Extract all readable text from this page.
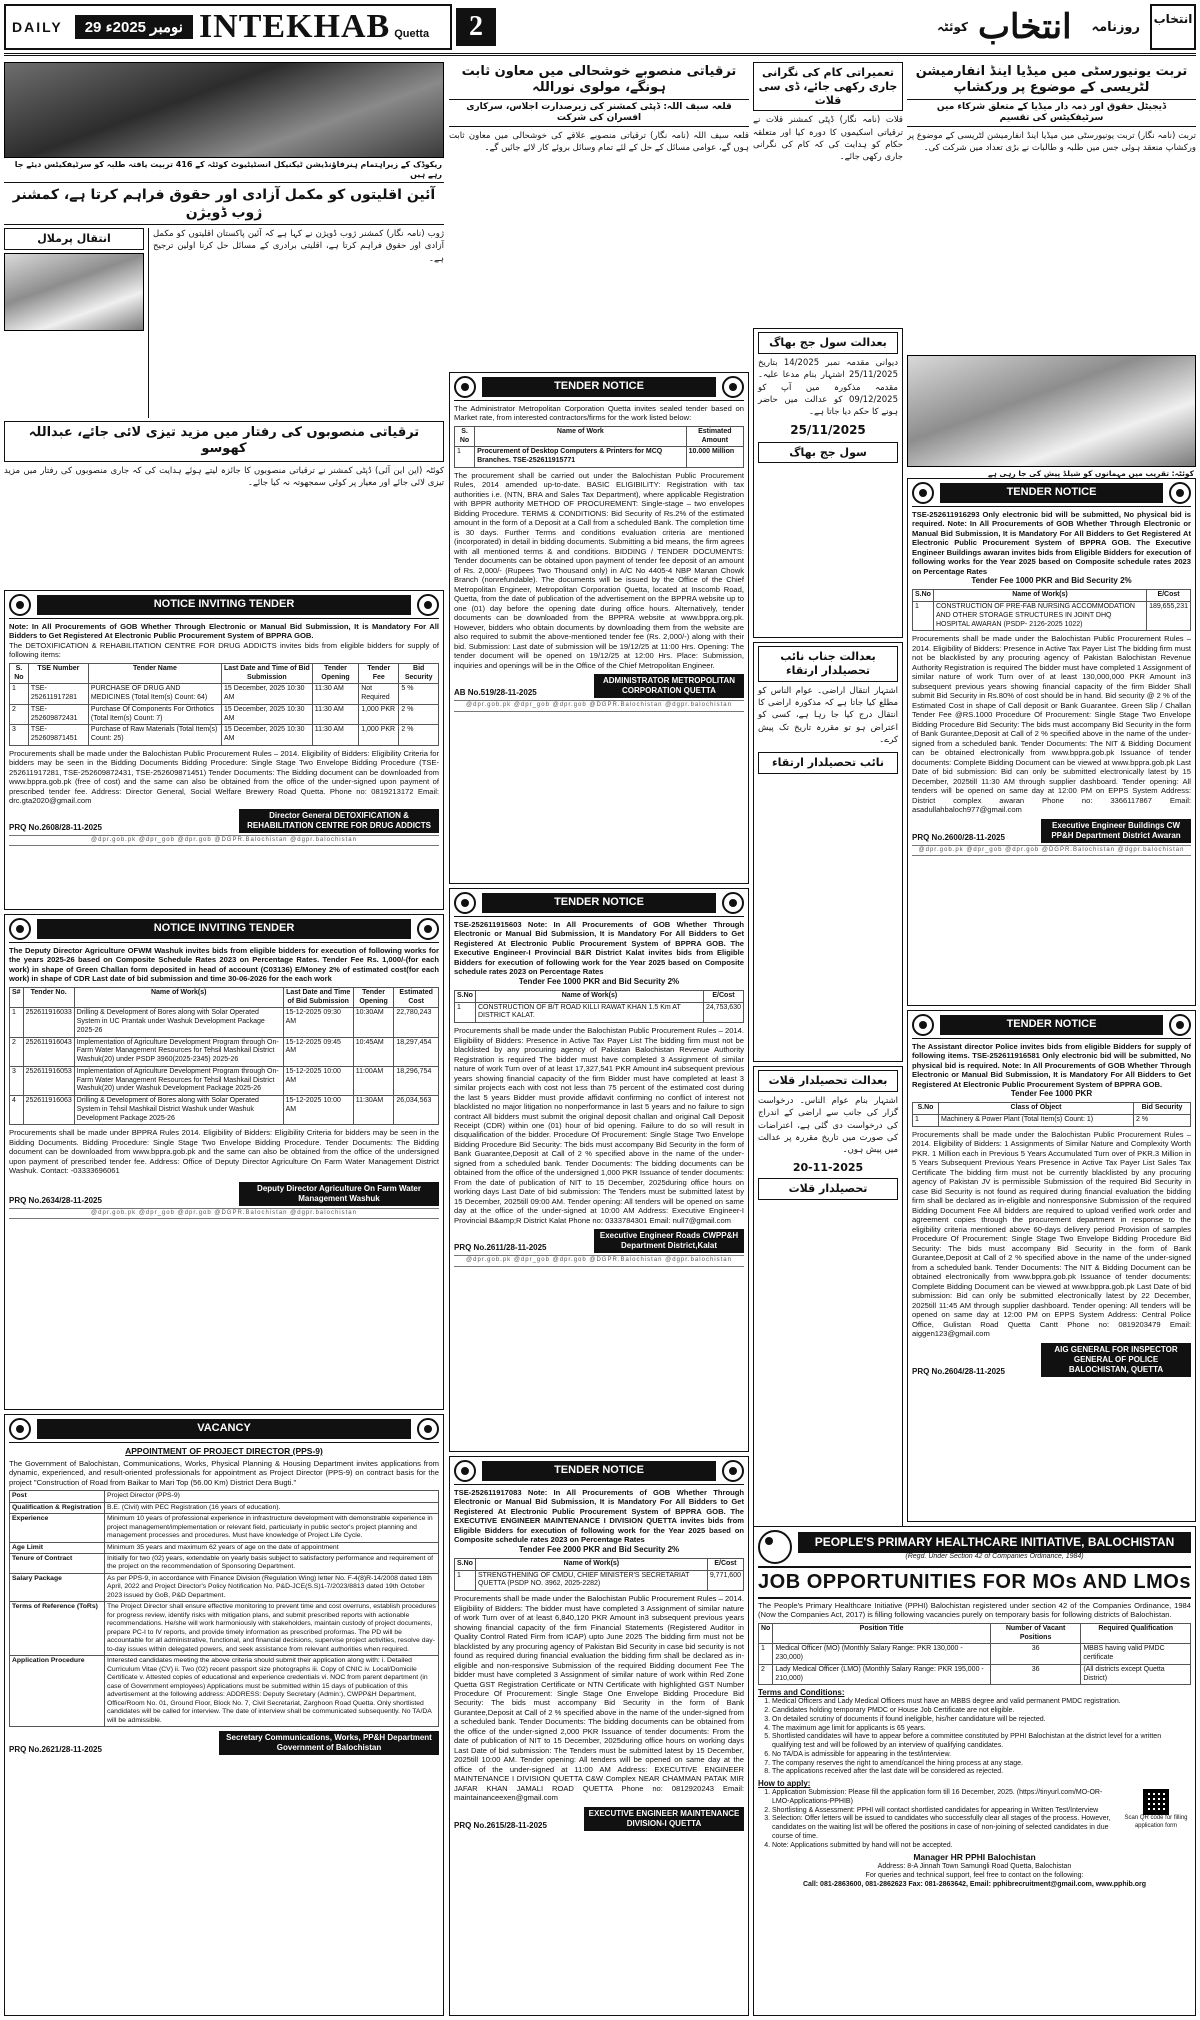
DAILY	29 نومبر 2025ء INTEKHAB Quetta	2	کوئٹہ انتخاب روزنامہ
انتخاب
ریکوڈک کے زیراہتمام ہنرفاؤنڈیشن ٹیکنیکل انسٹیٹیوٹ کوئٹہ کے 416 تربیت یافتہ طلبہ کو سرٹیفکیٹس دیئے جا رہے ہیں
آئین اقلیتوں کو مکمل آزادی اور حقوق فراہم کرتا ہے، کمشنر ژوب ڈویژن
انتقال پرملال	ژوب (نامہ نگار) کمشنر ژوب ڈویژن نے کہا ہے کہ آئین پاکستان اقلیتوں کو مکمل آزادی اور حقوق فراہم کرتا ہے، اقلیتی برادری کے مسائل حل کرنا اولین ترجیح ہے۔
ترقیاتی منصوبوں کی رفتار میں مزید تیزی لائی جائے، عبداللہ کھوسو
کوئٹہ (این این آئی) ڈپٹی کمشنر نے ترقیاتی منصوبوں کا جائزہ لیتے ہوئے ہدایت کی کہ جاری منصوبوں کی رفتار میں مزید تیزی لائی جائے اور معیار پر کوئی سمجھوتہ نہ کیا جائے۔
ترقیاتی منصوبے خوشحالی میں معاون ثابت ہونگے، مولوی نوراللہ
قلعہ سیف اللہ: ڈپٹی کمشنر کی زیرصدارت اجلاس، سرکاری افسران کی شرکت
قلعہ سیف اللہ (نامہ نگار) ترقیاتی منصوبے علاقے کی خوشحالی میں معاون ثابت ہوں گے، عوامی مسائل کے حل کے لئے تمام وسائل بروئے کار لائے جائیں گے۔
تعمیراتی کام کی نگرانی جاری رکھی جائے، ڈی سی قلات
قلات (نامہ نگار) ڈپٹی کمشنر قلات نے ترقیاتی اسکیموں کا دورہ کیا اور متعلقہ حکام کو ہدایت کی کہ کام کی نگرانی جاری رکھی جائے۔
بعدالت سول جج بھاگ
دیوانی مقدمہ نمبر 14/2025 بتاریخ 25/11/2025 اشتہار بنام مدعا علیہ۔ مقدمہ مذکورہ میں آپ کو 09/12/2025 کو عدالت میں حاضر ہونے کا حکم دیا جاتا ہے۔
25/11/2025
سول جج بھاگ
بعدالت جناب نائب تحصیلدار ارتقاء
اشتہار انتقال اراضی۔ عوام الناس کو مطلع کیا جاتا ہے کہ مذکورہ اراضی کا انتقال درج کیا جا رہا ہے، کسی کو اعتراض ہو تو مقررہ تاریخ تک پیش کرے۔
نائب تحصیلدار ارتقاء
بعدالت تحصیلدار قلات
اشتہار بنام عوام الناس۔ درخواست گزار کی جانب سے اراضی کے اندراج کی درخواست دی گئی ہے، اعتراضات کی صورت میں تاریخ مقررہ پر عدالت میں پیش ہوں۔
20-11-2025
تحصیلدار قلات
تربت یونیورسٹی میں میڈیا اینڈ انفارمیشن لٹریسی کے موضوع پر ورکشاپ
ڈیجیٹل حقوق اور ذمہ دار میڈیا کے متعلق شرکاء میں سرٹیفکیٹس کی تقسیم
تربت (نامہ نگار) تربت یونیورسٹی میں میڈیا اینڈ انفارمیشن لٹریسی کے موضوع پر ورکشاپ منعقد ہوئی جس میں طلبہ و طالبات نے بڑی تعداد میں شرکت کی۔
کوئٹہ: تقریب میں مہمانوں کو شیلڈ پیش کی جا رہی ہے
NOTICE INVITING TENDER
Note: In All Procurements of GOB Whether Through Electronic or Manual Bid Submission, It is Mandatory For All Bidders to Get Registered At Electronic Public Procurement System of BPPRA GOB.
The DETOXIFICATION & REHABILITATION CENTRE FOR DRUG ADDICTS invites bids from eligible bidders for supply of following items:
S. No	TSE Number	Tender Name	Last Date and Time of Bid Submission	Tender Opening	Tender Fee	Bid Security
1	TSE-252611917281	PURCHASE OF DRUG AND MEDICINES (Total Item(s) Count: 64)	15 December, 2025 10:30 AM	11:30 AM	Not Required	5 %
2	TSE-252609872431	Purchase Of Components For Orthotics (Total Item(s) Count: 7)	15 December, 2025 10:30 AM	11:30 AM	1,000 PKR	2 %
3	TSE-252609871451	Purchase of Raw Materials (Total Item(s) Count: 25)	15 December, 2025 10:30 AM	11:30 AM	1,000 PKR	2 %
Procurements shall be made under the Balochistan Public Procurement Rules – 2014. Eligibility of Bidders: Eligibility Criteria for bidders may be seen in the Bidding Documents Bidding Procedure: Single Stage Two Envelope Bidding Procedure (TSE-252611917281, TSE-252609872431, TSE-252609871451) Tender Documents: The Bidding document can be downloaded from www.bppra.gob.pk (free of cost) and the same can also be obtained from the office of the under-signed upon payment of prescribed tender fee. Address: Director General, Social Welfare Brewery Road Quetta. Phone no: 0819213172 Email: drc.gta2020@gmail.com
PRQ No.2608/28-11-2025
Director General DETOXIFICATION & REHABILITATION CENTRE FOR DRUG ADDICTS
@dpr.gob.pk @dpr_gob @dpr.gob @DGPR.Balochistan @dgpr.balochistan
NOTICE INVITING TENDER
The Deputy Director Agriculture OFWM Washuk invites bids from eligible bidders for execution of following works for the years 2025-26 based on Composite Schedule Rates 2023 on Percentage Rates. Tender Fee Rs. 1,000/-(for each work) in shape of Green Challan form deposited in head of account (C03136) E/Money 2% of estimated cost(for each work) in shape of CDR Last date of bid submission and time 30-06-2026 for the each work
S#	Tender No.	Name of Work(s)	Last Date and Time of Bid Submission	Tender Opening	Estimated Cost
1	252611916033	Drilling & Development of Bores along with Solar Operated System in UC Prantak under Washuk Development Package 2025-26	15-12-2025 09:30 AM	10:30AM	22,780,243
2	252611916043	Implementation of Agriculture Development Program through On-Farm Water Management Resources for Tehsil Mashkail District Washuk(20) under PSDP 3960(2025-2345) 2025-26	15-12-2025 09:45 AM	10:45AM	18,297,454
3	252611916053	Implementation of Agriculture Development Program through On-Farm Water Management Resources for Tehsil Mashkail District Washuk(20) under Washuk Development Package 2025-26	15-12-2025 10:00 AM	11:00AM	18,296,754
4	252611916063	Drilling & Development of Bores along with Solar Operated System in Tehsil Mashkail District Washuk under Washuk Development Package 2025-26	15-12-2025 10:00 AM	11:30AM	26,034,563
Procurements shall be made under BPPRA Rules 2014. Eligibility of Bidders: Eligibility Criteria for bidders may be seen in the Bidding Documents. Bidding Procedure: Single Stage Two Envelope Bidding Procedure. Tender Documents: The Bidding document can be downloaded from www.bppra.gob.pk and the same can also be obtained from the office of the undersigned upon payment of prescribed tender fee. Address: Office of Deputy Director Agriculture On Farm Water Management District Washuk. Contact: -03333696061
PRQ No.2634/28-11-2025
Deputy Director Agriculture On Farm Water Management Washuk
@dpr.gob.pk @dpr_gob @dpr.gob @DGPR.Balochistan @dgpr.balochistan
VACANCY
APPOINTMENT OF PROJECT DIRECTOR (PPS-9)
The Government of Balochistan, Communications, Works, Physical Planning & Housing Department invites applications from dynamic, experienced, and result-oriented professionals for appointment as Project Director (PPS-9) on contract basis for the project "Construction of Road from Baikar to Mari Top (56.00 Km) District Dera Bugti."
Post	Project Director (PPS-9)
Qualification & Registration	B.E. (Civil) with PEC Registration (16 years of education).
Experience	Minimum 10 years of professional experience in infrastructure development with demonstrable experience in project management/implementation or relevant field, particularly in public sector's project planning and management processes and procedures. Must have knowledge of Project Life Cycle.
Age Limit	Minimum 35 years and maximum 62 years of age on the date of appointment
Tenure of Contract	Initially for two (02) years, extendable on yearly basis subject to satisfactory performance and requirement of the project on the recommendation of Sponsoring Department.
Salary Package	As per PPS-9, in accordance with Finance Division (Regulation Wing) letter No. F-4(8)R-14/2008 dated 18th April, 2022 and Project Director's Policy Notification No. P&D-JCE(S.S)1-7/2023/8813 dated 19th October 2023 issued by GoB, P&D Department.
Terms of Reference (ToRs)	The Project Director shall ensure effective monitoring to prevent time and cost overruns, establish procedures for progress review, identify risks with mitigation plans, and submit prescribed reports with actionable recommendations. He/she will work harmoniously with stakeholders, maintain custody of project documents, prepare PC-I to IV reports, and provide timely information as prescribed proformas. The PD will be accountable for all administrative, functional, and financial decisions, supervise project activities, resolve day-to-day issues within delegated powers, and seek assistance from relevant authorities when required.
Application Procedure	Interested candidates meeting the above criteria should submit their application along with: i. Detailed Curriculum Vitae (CV) ii. Two (02) recent passport size photographs iii. Copy of CNIC iv. Local/Domicile Certificate v. Attested copies of educational and experience credentials vi. NOC from parent department (in case of Government employees) Applications must be submitted within 15 days of publication of this advertisement at the following address: ADDRESS: Deputy Secretary (Admin:), CWPP&H Department, Office/Room No. 01, Ground Floor, Block No. 7, Civil Secretariat, Zarghoon Road Quetta. Only shortlisted candidates will be called for interview. The date of interview shall be communicated subsequently. No TA/DA will be admissible.
PRQ No.2621/28-11-2025
Secretary Communications, Works, PP&H Department Government of Balochistan
TENDER NOTICE
The Administrator Metropolitan Corporation Quetta invites sealed tender based on Market rate, from interested contractors/firms for the work listed below:
S. No	Name of Work	Estimated Amount
1	Procurement of Desktop Computers & Printers for MCQ Branches. TSE-252611915771	10.000 Million
The procurement shall be carried out under the Balochistan Public Procurement Rules, 2014 amended up-to-date. BASIC ELIGIBILITY: Registration with tax authorities i.e. (NTN, BRA and Sales Tax Department), where applicable Registration with BPPR authority METHOD OF PROCUREMENT: Single-stage – two envelopes Bidding Procedure. TERMS & CONDITIONS: Bid Security of Rs.2% of the estimated amount in the form of a Deposit at a Call from a scheduled Bank. The completion time is 30 days. Further Terms and conditions evaluation criteria are mentioned (incorporated) in detail in bidding documents. Submitting a bid means, the firm agrees with all mentioned terms & and conditions. BIDDING / TENDER DOCUMENTS: Tender documents can be obtained upon payment of tender fee deposit of an amount of Rs. 2,000/- (Rupees Two Thousand only) in A/C No 4405-4 NBP Manan Chowk Branch (nonrefundable). The documents will be issued by the Office of the Chief Metropolitan Engineer, Metropolitan Corporation Quetta, located at Inscomb Road, Quetta, from the date of publication of the advertisement on the BPPRA website up to one (01) day before the opening date during office hours. Alternatively, tender documents can be downloaded from the BPPRA website at www.bppra.org.pk. However, bidders who obtain documents by downloading them from the website are also required to submit the above-mentioned tender fee (Rs. 2,000/-) along with their bid. Submission: Last date of submission will be 19/12/25 at 11:00 Hrs. Opening: The tender document will be opened on 19/12/25 at 12:00 Hrs. Place: Submission, inquiries and openings will be in the Office of the Chief Metropolitan Engineer.
AB No.519/28-11-2025
ADMINISTRATOR METROPOLITAN CORPORATION QUETTA
@dpr.gob.pk @dpr_gob @dpr.gob @DGPR.Balochistan @dgpr.balochistan
TENDER NOTICE
TSE-252611915603 Note: In All Procurements of GOB Whether Through Electronic or Manual Bid Submission, It is Mandatory For All Bidders to Get Registered At Electronic Public Procurement System of BPPRA GOB. The Executive Engineer-I Provincial B&R District Kalat invites bids from Eligible Bidders for execution of following work for the Year 2025 based on Composite schedule rates 2023 on Percentage Rates
Tender Fee 1000 PKR and Bid Security 2%
S.No	Name of Work(s)	E/Cost
1	CONSTRUCTION OF B/T ROAD KILLI RAWAT KHAN 1.5 Km AT DISTRICT KALAT.	24,753,630
Procurements shall be made under the Balochistan Public Procurement Rules – 2014. Eligibility of Bidders: Presence in Active Tax Payer List The bidding firm must not be blacklisted by any procuring agency of Pakistan Balochistan Revenue Authority Registration is required The bidder must have completed 3 Assignment of similar nature of work Turn over of at least 17,327,541 PKR Amount in4 subsequent previous years showing financial capacity of the firm Bidder must have completed at least 3 similar projects each with cost not less than 75 percent of the estimated cost during the last 5 years Bidder must provide affidavit confirming no conflict of interest not blacklisted no major litigation no nonperformance in last 5 years and no failure to sign contract All bidders must submit the original deposit challan and original Call Deposit Receipt (CDR) within one (01) hour of bid opening. Failure to do so will result in disqualification of the bidder. Procedure Of Procurement: Single Stage Two Envelope Bidding Procedure Bid Security: The bids must accompany Bid Security in the form of Bank Guarantee,Deposit at Call of 2 % specified above in the name of the under-signed from a scheduled bank. Tender Documents: The bidding documents can be obtained from the office of the undersigned 1,000 PKR Issuance of tender documents: From the date of publication of NIT to 15 December, 2025during office hours on working days Last Date of bid submission: The Tenders must be submitted latest by 15 December, 2025till 09:00 AM. Tender opening: All tenders will be opened on same day at the office of the under-signed at 10:00 AM Address: Executive Engineer-I Provincial B&amp;R District Kalat Phone no: 0333784301 Email: null7@gmail.com
PRQ No.2611/28-11-2025
Executive Engineer Roads CWPP&H Department District,Kalat
@dpr.gob.pk @dpr_gob @dpr.gob @DGPR.Balochistan @dgpr.balochistan
TENDER NOTICE
TSE-252611917083 Note: In All Procurements of GOB Whether Through Electronic or Manual Bid Submission, It is Mandatory For All Bidders to Get Registered At Electronic Public Procurement System of BPPRA GOB. The EXECUTIVE ENGINEER MAINTENANCE I DIVISION QUETTA invites bids from Eligible Bidders for execution of following work for the Year 2025 based on Composite schedule rates 2023 on Percentage Rates
Tender Fee 2000 PKR and Bid Security 2%
S.No	Name of Work(s)	E/Cost
1	STRENGTHENING OF CMDU, CHIEF MINISTER'S SECRETARIAT QUETTA (PSDP NO. 3962, 2025-2282)	9,771,600
Procurements shall be made under the Balochistan Public Procurement Rules – 2014. Eligibility of Bidders: The bidder must have completed 3 Assignment of similar nature of work Turn over of at least 6,840,120 PKR Amount in3 subsequent previous years showing financial capacity of the firm Financial Statements (Registered Auditor in Quality Control Rated Firm from ICAP) upto June 2025 The bidding firm must not be blacklisted by any procuring agency of Pakistan Bid Security in case bid security is not found as required during financial evaluation the bidding firm shall be declared as in-eligible and non-responsive Submission of the required Bidding document Fee The bidder must have completed 3 Assignment of similar nature of work within Red Zone Quetta GST Registration Certificate or NTN Certificate with highlighted GST Number Procedure Of Procurement: Single Stage One Envelope Bidding Procedure Bid Security: The bids must accompany Bid Security in the form of Bank Gurantee,Deposit at Call of 2 % specified above in the name of the under-signed from a scheduled bank. Tender Documents: The bidding documents can be obtained from the office of the under-signed 2,000 PKR Issuance of tender documents: From the date of publication of NIT to 15 December, 2025during office hours on working days Last Date of bid submission: The Tenders must be submitted latest by 15 December, 2025till 10:00 AM. Tender opening: All tenders will be opened on same day at the office of the under-signed at 11:00 AM Address: EXECUTIVE ENGINEER MAINTENANCE I DIVISION QUETTA C&W Complex NEAR CHAMMAN PATAK MIR JAFAR KHAN JAMALI ROAD QUETTA Phone no: 0812920243 Email: maintainanceexen@gmail.com
PRQ No.2615/28-11-2025
EXECUTIVE ENGINEER MAINTENANCE DIVISION-I QUETTA
TENDER NOTICE
TSE-252611916293 Only electronic bid will be submitted, No physical bid is required. Note: In All Procurements of GOB Whether Through Electronic or Manual Bid Submission, It is Mandatory For All Bidders to Get Registered At Electronic Public Procurement System of BPPRA GOB. The Executive Engineer Buildings awaran invites bids from Eligible Bidders for execution of following works for the Year 2025 based on Composite schedule rates 2023 on Percentage Rates
Tender Fee 1000 PKR and Bid Security 2%
S.No	Name of Work(s)	E/Cost
1	CONSTRUCTION OF PRE-FAB NURSING ACCOMMODATION AND OTHER STORAGE STRUCTURES IN JOINT DHQ HOSPITAL AWARAN (PSDP- 2126-2025 1022)	189,655,231
Procurements shall be made under the Balochistan Public Procurement Rules – 2014. Eligibility of Bidders: Presence in Active Tax Payer List The bidding firm must not be blacklisted by any procuring agency of Pakistan Balochistan Revenue Authority Registration is required The bidder must have completed 1 Assignment of similar nature of work Turn over of at least 130,000,000 PKR Amount in3 subsequent previous years showing financial capacity of the firm Bidder Shall submit Bid Security in Rs.80% of cost should be in hand. Bid security @ 2 % of the Estimated Cost in shape of Call deposit or Bank Guarantee. Green Slip / Challan Tender Fee @RS.1000 Procedure Of Procurement: Single Stage Two Envelope Bidding Procedure Bid Security: The bids must accompany Bid Security in the form of Bank Gurantee,Deposit at Call of 2 % specified above in the name of the under-signed from a scheduled bank. Tender Documents: The NIT & Bidding Document can be obtained electronically from www.bppra.gob.pk Issuance of tender documents: Complete Bidding Document can be viewed at www.bppra.gob.pk Last Date of bid submission: Bid can only be submitted electronically latest by 15 December, 2025till 11:30 AM through supplier dashboard. Tender opening: All tenders will be opened on same day at 12:00 PM on EPPS System Address: District complex awaran Phone no: 3366117867 Email: asadullahbaloch977@gmail.com
PRQ No.2600/28-11-2025
Executive Engineer Buildings CW PP&H Department District Awaran
@dpr.gob.pk @dpr_gob @dpr.gob @DGPR.Balochistan @dgpr.balochistan
TENDER NOTICE
The Assistant director Police invites bids from eligible Bidders for supply of following items. TSE-252611916581 Only electronic bid will be submitted, No physical bid is required. Note: In All Procurements of GOB Whether Through Electronic or Manual Bid Submission, It is Mandatory For All Bidders to Get Registered At Electronic Public Procurement System of BPPRA GOB.
Tender Fee 1000 PKR
S.No	Class of Object	Bid Security
1	Machinery & Power Plant (Total Item(s) Count: 1)	2 %
Procurements shall be made under the Balochistan Public Procurement Rules – 2014. Eligibility of Bidders: 1 Assignments of Similar Nature and Complexity Worth PKR. 1 Million each in Previous 5 Years Accumulated Turn over of PKR.3 Million in 5 Years Subsequent Previous Years Presence in Active Tax Payer List Sales Tax Certificate The bidding firm must not be currently blacklisted by any procuring agency of Pakistan JV is permissible Submission of the required Bid Security in case Bid Security is not found as required during financial evaluation the bidding firm shall be declared as in-eligible and nonresponsive Submission of the required Bidding Document Fee All bidders are required to upload verified work order and agreement copies through the procurement department in response to the eligibility criteria mentioned above 60-days delivery period Provision of samples Procedure Of Procurement: Single Stage Two Envelope Bidding Procedure Bid Security: The bids must accompany Bid Security in the form of Bank Gurantee,Deposit at Call of 2 % specified above in the name of the under-signed from a scheduled bank. Tender Documents: The NIT & Bidding Document can be obtained electronically from www.bppra.gob.pk Issuance of tender documents: Complete Bidding Document can be viewed at www.bppra.gob.pk Last Date of bid submission: Bid can only be submitted electronically latest by 22 December, 2025till 11:45 AM through supplier dashboard. Tender opening: All tenders will be opened on same day at 12:00 PM on EPPS System Address: Central Police Office, Gulistan Road Quetta Cantt Phone no: 0819203479 Email: aiggen123@gmail.com
PRQ No.2604/28-11-2025
AIG GENERAL FOR INSPECTOR GENERAL OF POLICE BALOCHISTAN, QUETTA
PEOPLE'S PRIMARY HEALTHCARE INITIATIVE, BALOCHISTAN
(Regd. Under Section 42 of Companies Ordinance, 1984)
JOB OPPORTUNITIES FOR MOs AND LMOs
The People's Primary Healthcare Initiative (PPHI) Balochistan registered under section 42 of the Companies Ordinance, 1984 (Now the Companies Act, 2017) is filling following vacancies purely on temporary basis for following districts of Balochistan.
No	Position Title	Number of Vacant Positions	Required Qualification
1	Medical Officer (MO) (Monthly Salary Range: PKR 130,000 - 230,000)	36	MBBS having valid PMDC certificate
2	Lady Medical Officer (LMO) (Monthly Salary Range: PKR 195,000 - 210,000)	36	(All districts except Quetta District)
Terms and Conditions:
1. Medical Officers and Lady Medical Officers must have an MBBS degree and valid permanent PMDC registration.
2. Candidates holding temporary PMDC or House Job Certificate are not eligible.
3. On detailed scrutiny of documents if found ineligible, his/her candidature will be rejected.
4. The maximum age limit for applicants is 65 years.
5. Shortlisted candidates will have to appear before a committee constituted by PPHI Balochistan at the district level for a written qualifying test and will be followed by an interview of qualifying candidates.
6. No TA/DA is admissible for appearing in the test/interview.
7. The company reserves the right to amend/cancel the hiring process at any stage.
8. The applications received after the last date will be considered as rejected.
How to apply:
1. Application Submission: Please fill the application form till 16 December, 2025. (https://tinyurl.com/MO-OR-LMO-Applications-PPHIB)
2. Shortlisting & Assessment: PPHI will contact shortlisted candidates for appearing in Written Test/Interview
3. Selection: Offer letters will be issued to candidates who successfully clear all stages of the process. However, candidates on the waiting list will be offered the positions in case of non-joining of selected candidates in due course of time.
4. Note: Applications submitted by hand will not be accepted.
Scan QR code for filling application form
Manager HR PPHI Balochistan
Address: 8-A Jinnah Town Samungli Road Quetta, Balochistan
For queries and technical support, feel free to contact on the following:
Call: 081-2863600, 081-2862623 Fax: 081-2863642, Email: pphibrecruitment@gmail.com, www.pphib.org
